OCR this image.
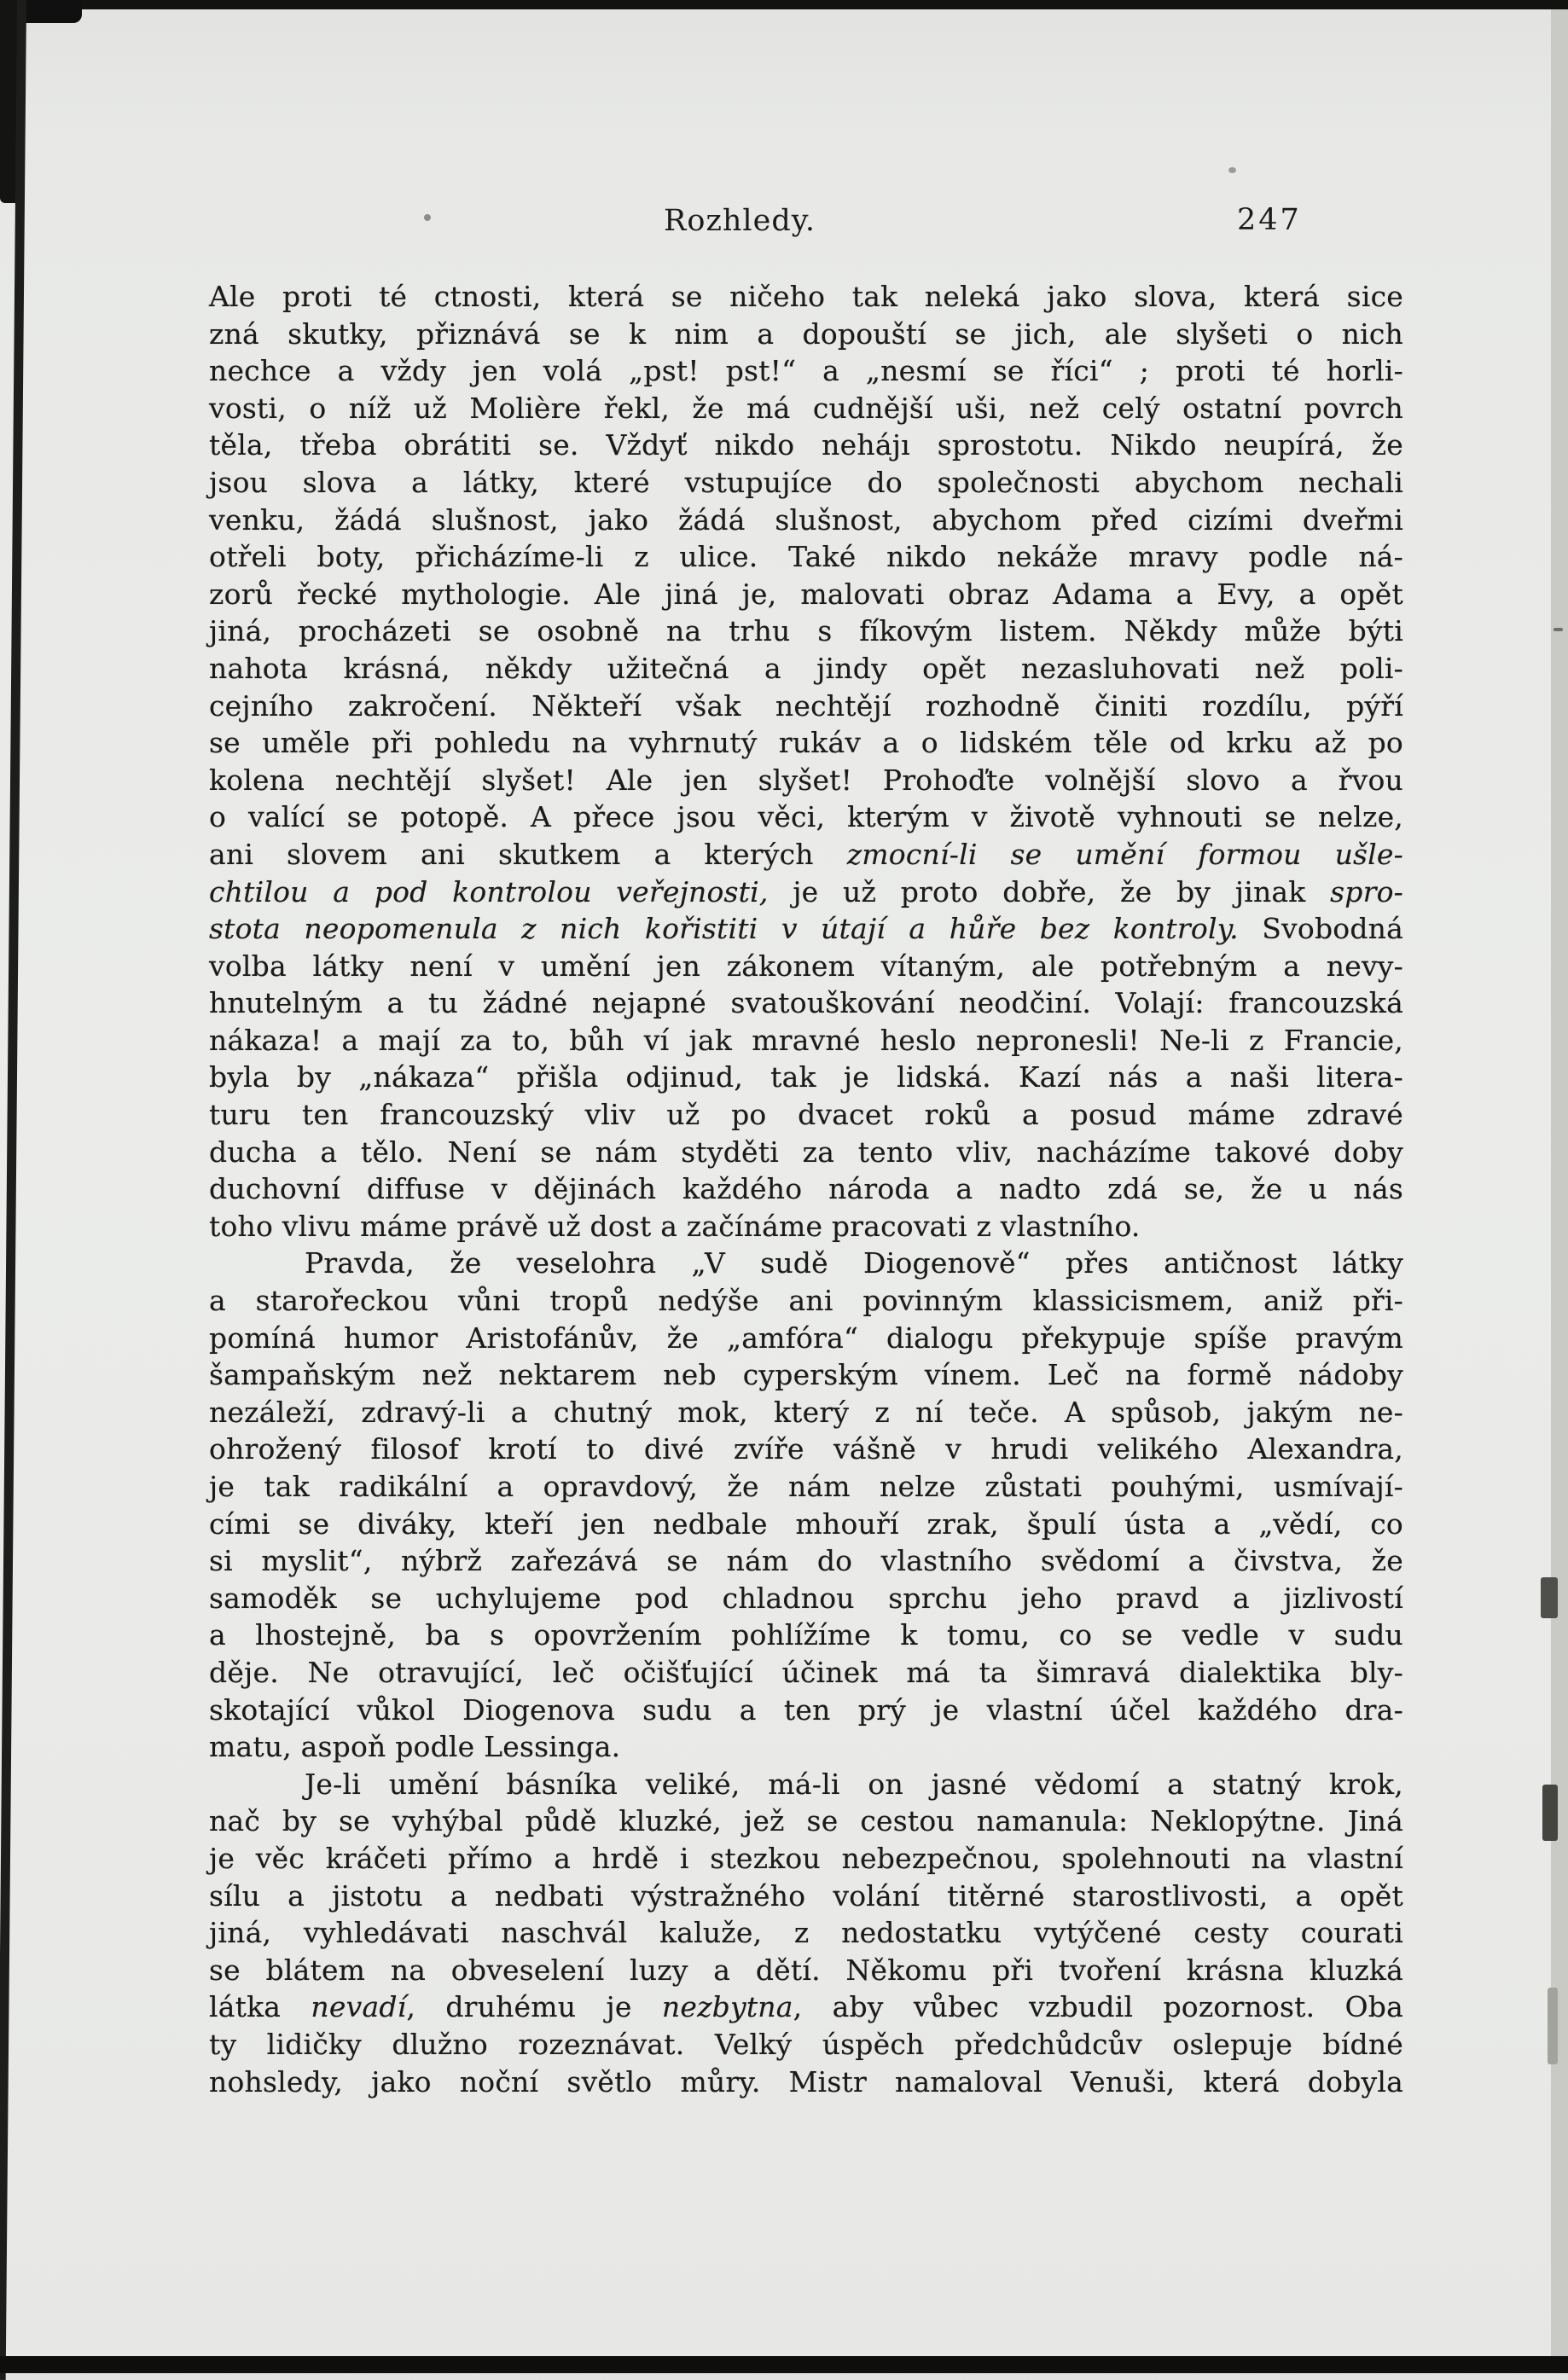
Rozhledy.	247
Ale proti té ctnosti, která se ničeho tak neleká jako slova, která sice
zná skutky, přiznává se k nim a dopouští se jich, ale slyšeti o nich
nechce a vždy jen volá „pst! pst!“ a „nesmí se říci“ ; proti té horli-
vosti, o níž už Molière řekl, že má cudnější uši, než celý ostatní povrch
těla, třeba obrátiti se. Vždyť nikdo nehájı sprostotu. Nikdo neupírá, že
jsou slova a látky, které vstupujíce do společnosti abychom nechali
venku, žádá slušnost, jako žádá slušnost, abychom před cizími dveřmi
otřeli boty, přicházíme-li z ulice. Také nikdo nekáže mravy podle ná-
zorů řecké mythologie. Ale jiná je, malovati obraz Adama a Evy, a opět
jiná, procházeti se osobně na trhu s fíkovým listem. Někdy může býti
nahota krásná, někdy užitečná a jindy opět nezasluhovati než poli-
cejního zakročení. Někteří však nechtějí rozhodně činiti rozdílu, pýří
se uměle při pohledu na vyhrnutý rukáv a o lidském těle od krku až po
kolena nechtějí slyšet! Ale jen slyšet! Prohoďte volnější slovo a řvou
o valící se potopě. A přece jsou věci, kterým v životě vyhnouti se nelze,
ani slovem ani skutkem a kterých zmocní-li se umění formou ušle-
chtilou a pod kontrolou veřejnosti, je už proto dobře, že by jinak spro-
stota neopomenula z nich kořistiti v útají a hůře bez kontroly. Svobodná
volba látky není v umění jen zákonem vítaným, ale potřebným a nevy-
hnutelným a tu žádné nejapné svatouškování neodčiní. Volají: francouzská
nákaza! a mají za to, bůh ví jak mravné heslo nepronesli! Ne-li z Francie,
byla by „nákaza“ přišla odjinud, tak je lidská. Kazí nás a naši litera-
turu ten francouzský vliv už po dvacet roků a posud máme zdravé
ducha a tělo. Není se nám styděti za tento vliv, nacházíme takové doby
duchovní diffuse v dějinách každého národa a nadto zdá se, že u nás
toho vlivu máme právě už dost a začínáme pracovati z vlastního.
Pravda, že veselohra „V sudě Diogenově“ přes antičnost látky
a starořeckou vůni tropů nedýše ani povinným klassicismem, aniž při-
pomíná humor Aristofánův, že „amfóra“ dialogu překypuje spíše pravým
šampaňským než nektarem neb cyperským vínem. Leč na formě nádoby
nezáleží, zdravý-li a chutný mok, který z ní teče. A spůsob, jakým ne-
ohrožený filosof krotí to divé zvíře vášně v hrudi velikého Alexandra,
je tak radikální a opravdový, že nám nelze zůstati pouhými, usmívají-
cími se diváky, kteří jen nedbale mhouří zrak, špulí ústa a „vědí, co
si myslit“, nýbrž zařezává se nám do vlastního svědomí a čivstva, že
samoděk se uchylujeme pod chladnou sprchu jeho pravd a jizlivostí
a lhostejně, ba s opovržením pohlížíme k tomu, co se vedle v sudu
děje. Ne otravující, leč očišťující účinek má ta šimravá dialektika bly-
skotající vůkol Diogenova sudu a ten prý je vlastní účel každého dra-
matu, aspoň podle Lessinga.
Je-li umění básníka veliké, má-li on jasné vědomí a statný krok,
nač by se vyhýbal půdě kluzké, jež se cestou namanula: Neklopýtne. Jiná
je věc kráčeti přímo a hrdě i stezkou nebezpečnou, spolehnouti na vlastní
sílu a jistotu a nedbati výstražného volání titěrné starostlivosti, a opět
jiná, vyhledávati naschvál kaluže, z nedostatku vytýčené cesty courati
se blátem na obveselení luzy a dětí. Někomu při tvoření krásna kluzká
látka nevadí, druhému je nezbytna, aby vůbec vzbudil pozornost. Oba
ty lidičky dlužno rozeznávat. Velký úspěch předchůdcův oslepuje bídné
nohsledy, jako noční světlo můry. Mistr namaloval Venuši, která dobyla
